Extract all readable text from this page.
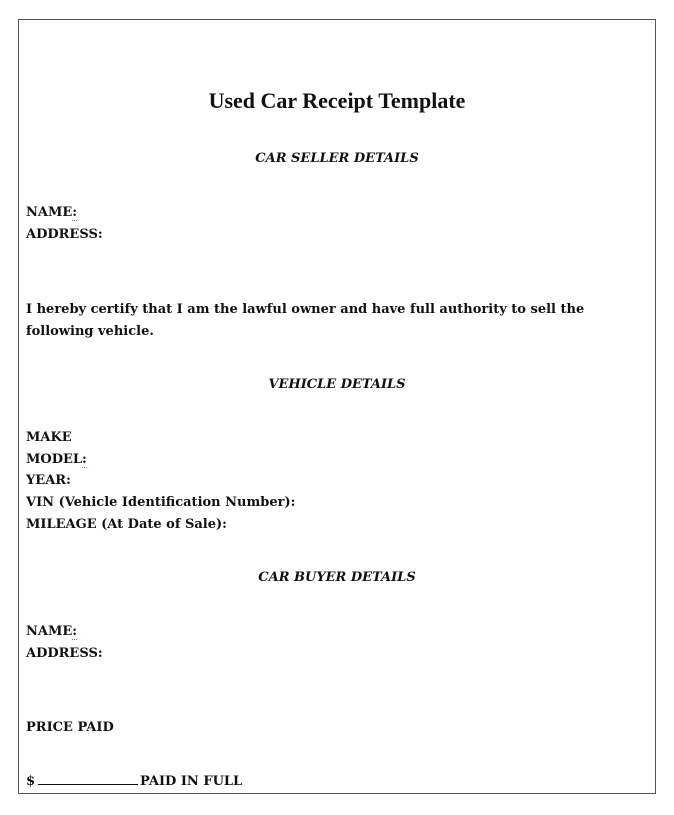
Used Car Receipt Template
CAR SELLER DETAILS
NAME:
ADDRESS:
I hereby certify that I am the lawful owner and have full authority to sell the following vehicle.
VEHICLE DETAILS
MAKE
MODEL:
YEAR:
VIN (Vehicle Identification Number):
MILEAGE (At Date of Sale):
CAR BUYER DETAILS
NAME:
ADDRESS:
PRICE PAID
$	PAID IN FULL
